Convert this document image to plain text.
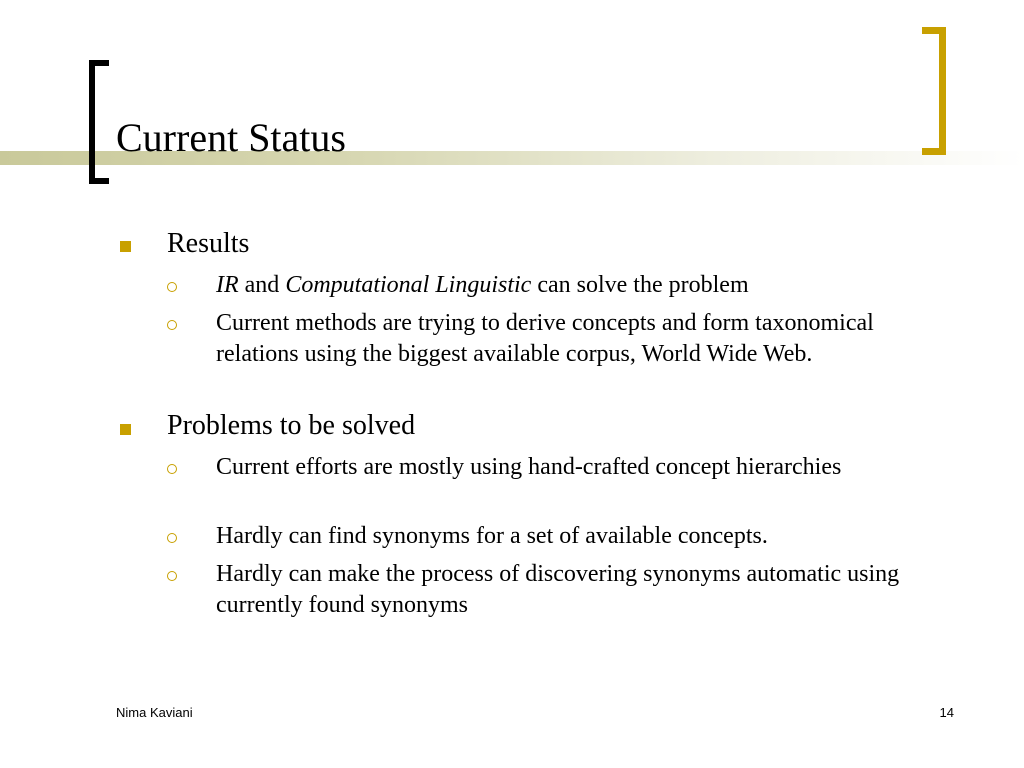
Current Status
Results
IR and Computational Linguistic can solve the problem
Current methods are trying to derive concepts and form taxonomical relations using the biggest available corpus, World Wide Web.
Problems to be solved
Current efforts are mostly using hand-crafted concept hierarchies
Hardly can find synonyms for a set of available concepts.
Hardly can make the process of discovering synonyms automatic using currently found synonyms
Nima Kaviani	14
